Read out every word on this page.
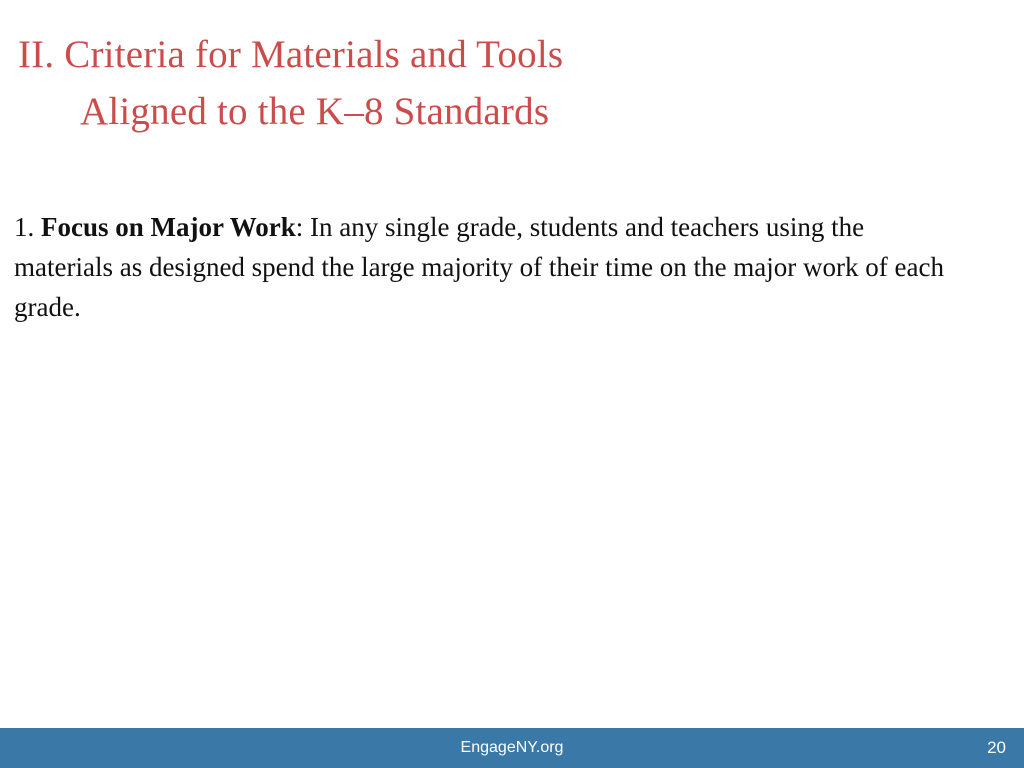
II. Criteria for Materials and Tools
Aligned to the K–8 Standards
1. Focus on Major Work: In any single grade, students and teachers using the materials as designed spend the large majority of their time on the major work of each grade.
EngageNY.org	20
